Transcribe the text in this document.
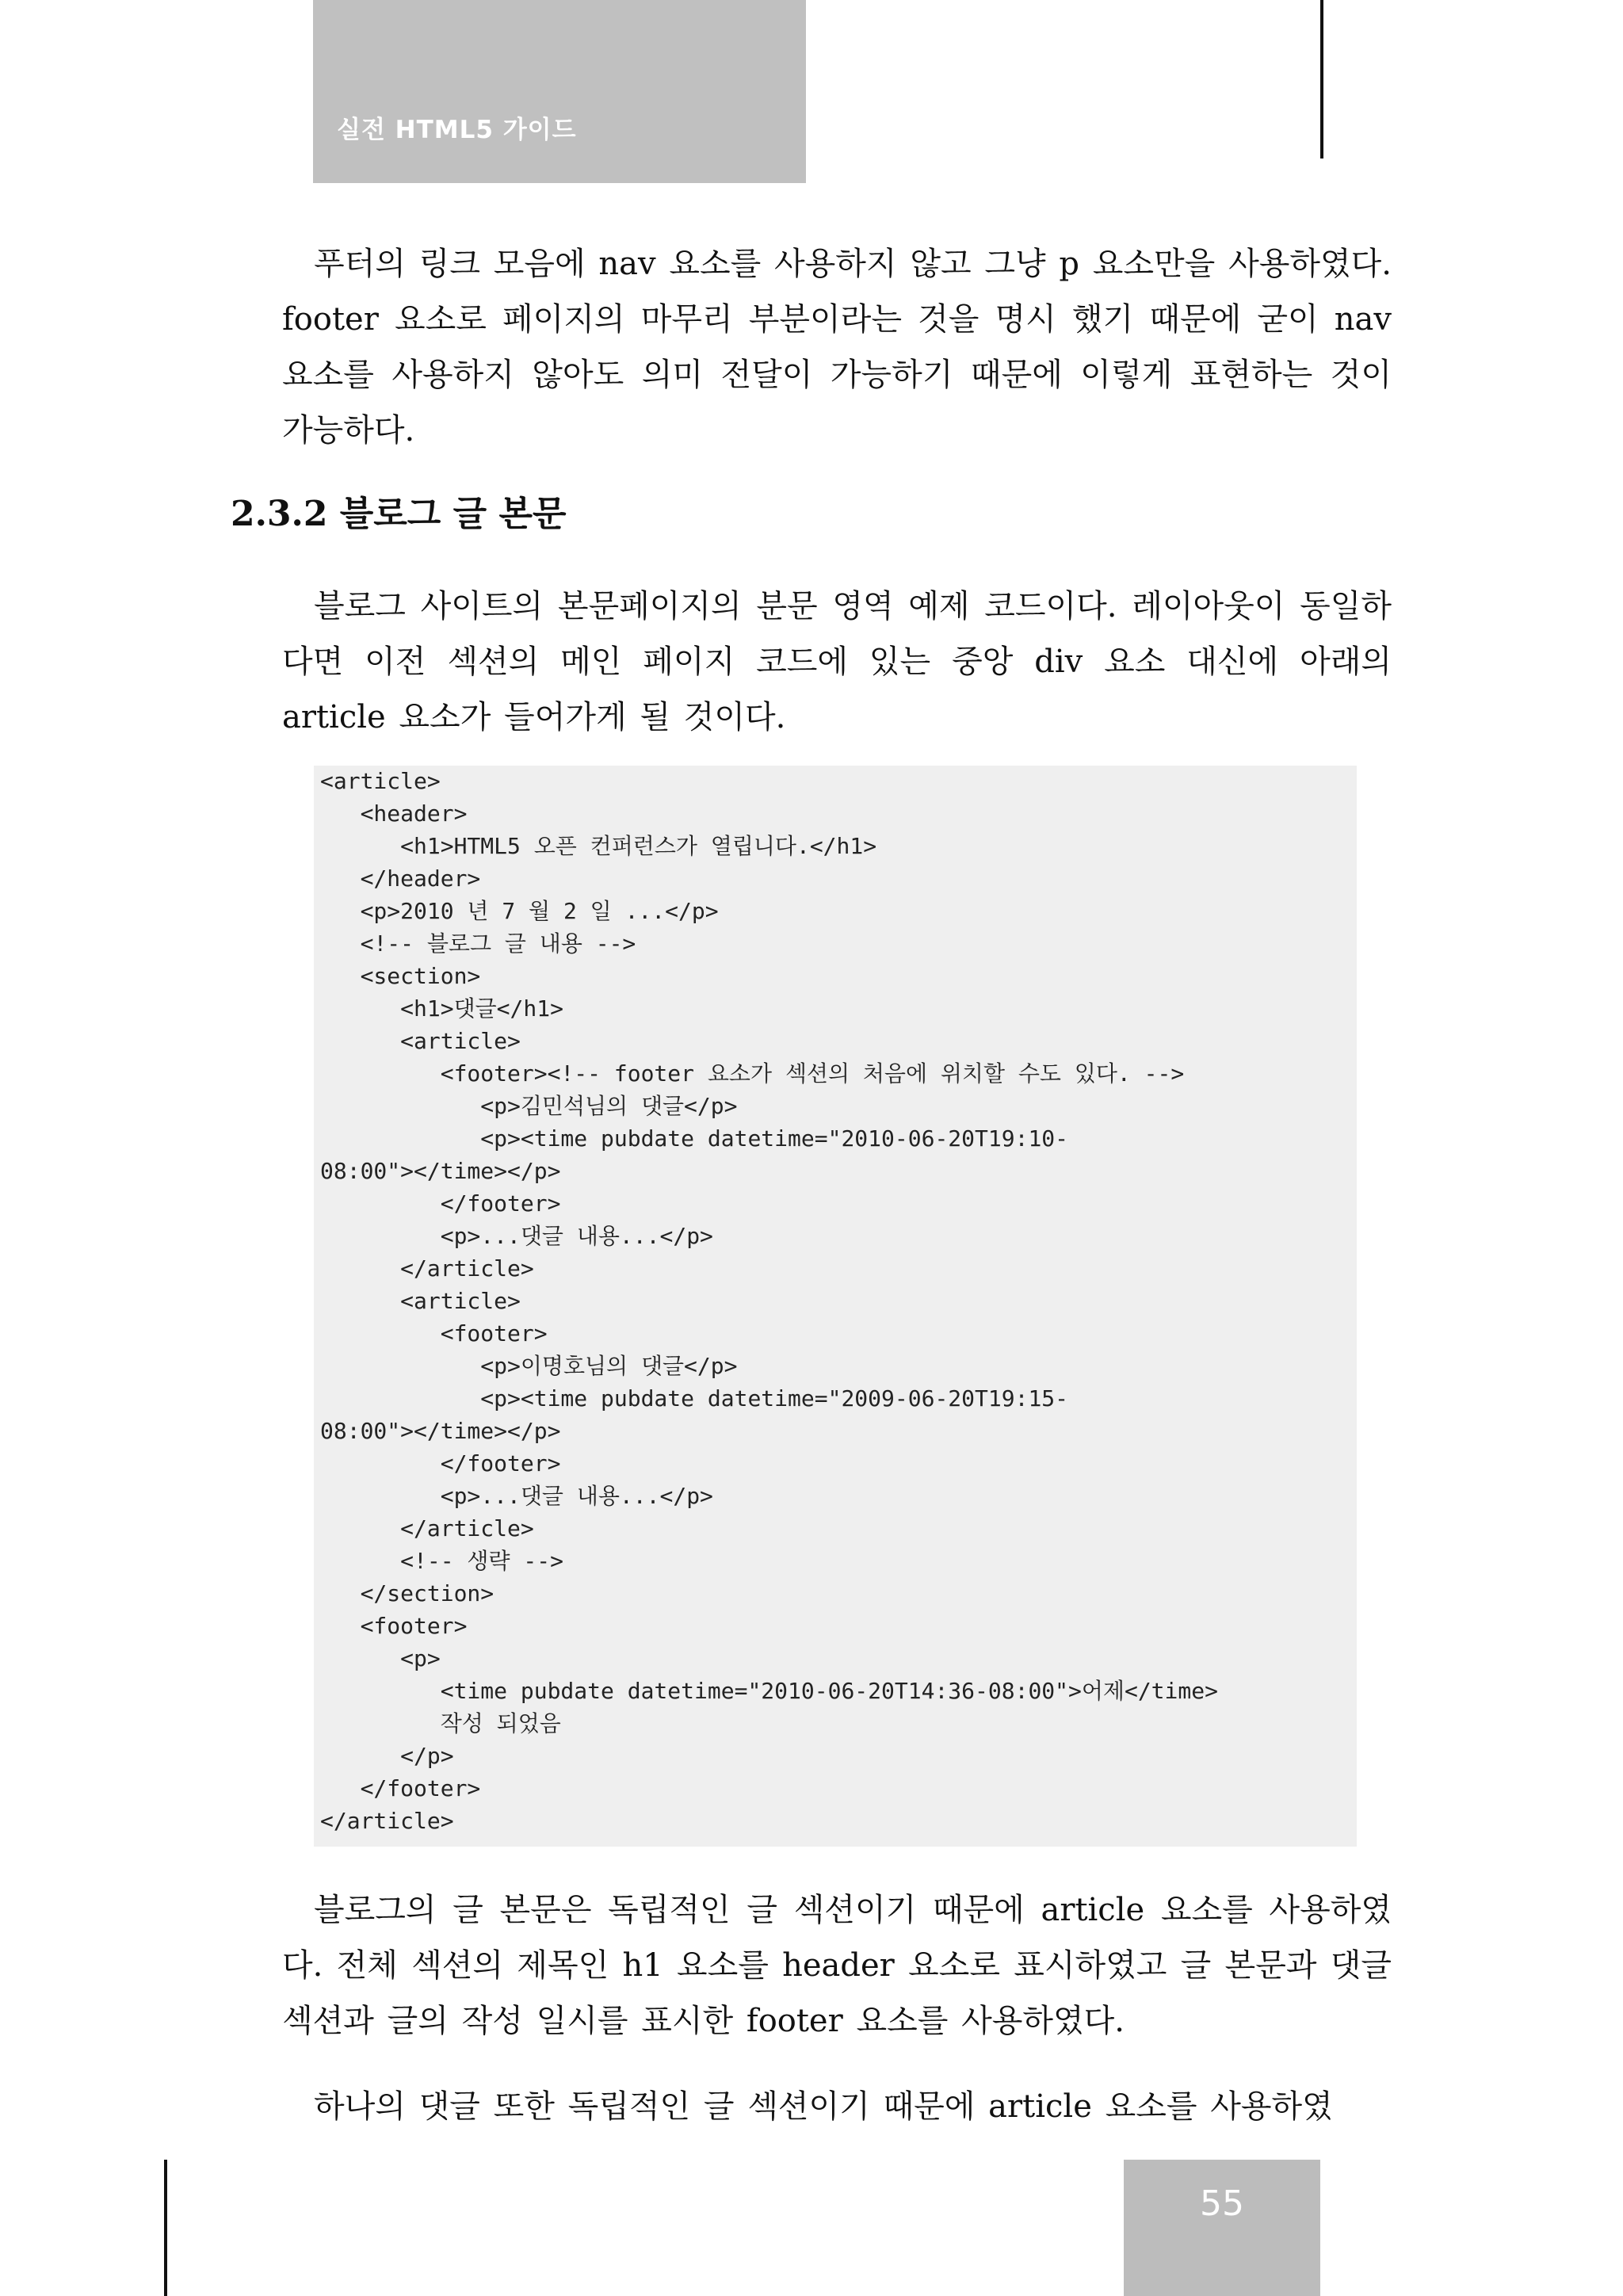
실전 HTML5 가이드

푸터의 링크 모음에 nav 요소를 사용하지 않고 그냥 p 요소만을 사용하였다. footer 요소로 페이지의 마무리 부분이라는 것을 명시 했기 때문에 굳이 nav 요소를 사용하지 않아도 의미 전달이 가능하기 때문에 이렇게 표현하는 것이 가능하다.

2.3.2 블로그 글 본문

블로그 사이트의 본문페이지의 분문 영역 예제 코드이다. 레이아웃이 동일하다면 이전 섹션의 메인 페이지 코드에 있는 중앙 div 요소 대신에 아래의 article 요소가 들어가게 될 것이다.

<article>
<header>
<h1>HTML5 오픈 컨퍼런스가 열립니다.</h1>
</header>
<p>2010 년 7 월 2 일 ...</p>
<!-- 블로그 글 내용 -->
<section>
<h1>댓글</h1>
<article>
<footer><!-- footer 요소가 섹션의 처음에 위치할 수도 있다. -->
<p>김민석님의 댓글</p>
<p><time pubdate datetime="2010-06-20T19:10-
08:00"></time></p>
</footer>
<p>...댓글 내용...</p>
</article>
<article>
<footer>
<p>이명호님의 댓글</p>
<p><time pubdate datetime="2009-06-20T19:15-
08:00"></time></p>
</footer>
<p>...댓글 내용...</p>
</article>
<!-- 생략 -->
</section>
<footer>
<p>
<time pubdate datetime="2010-06-20T14:36-08:00">어제</time>
작성 되었음
</p>
</footer>
</article>

블로그의 글 본문은 독립적인 글 섹션이기 때문에 article 요소를 사용하였다. 전체 섹션의 제목인 h1 요소를 header 요소로 표시하였고 글 본문과 댓글 섹션과 글의 작성 일시를 표시한 footer 요소를 사용하였다.

하나의 댓글 또한 독립적인 글 섹션이기 때문에 article 요소를 사용하였

55
